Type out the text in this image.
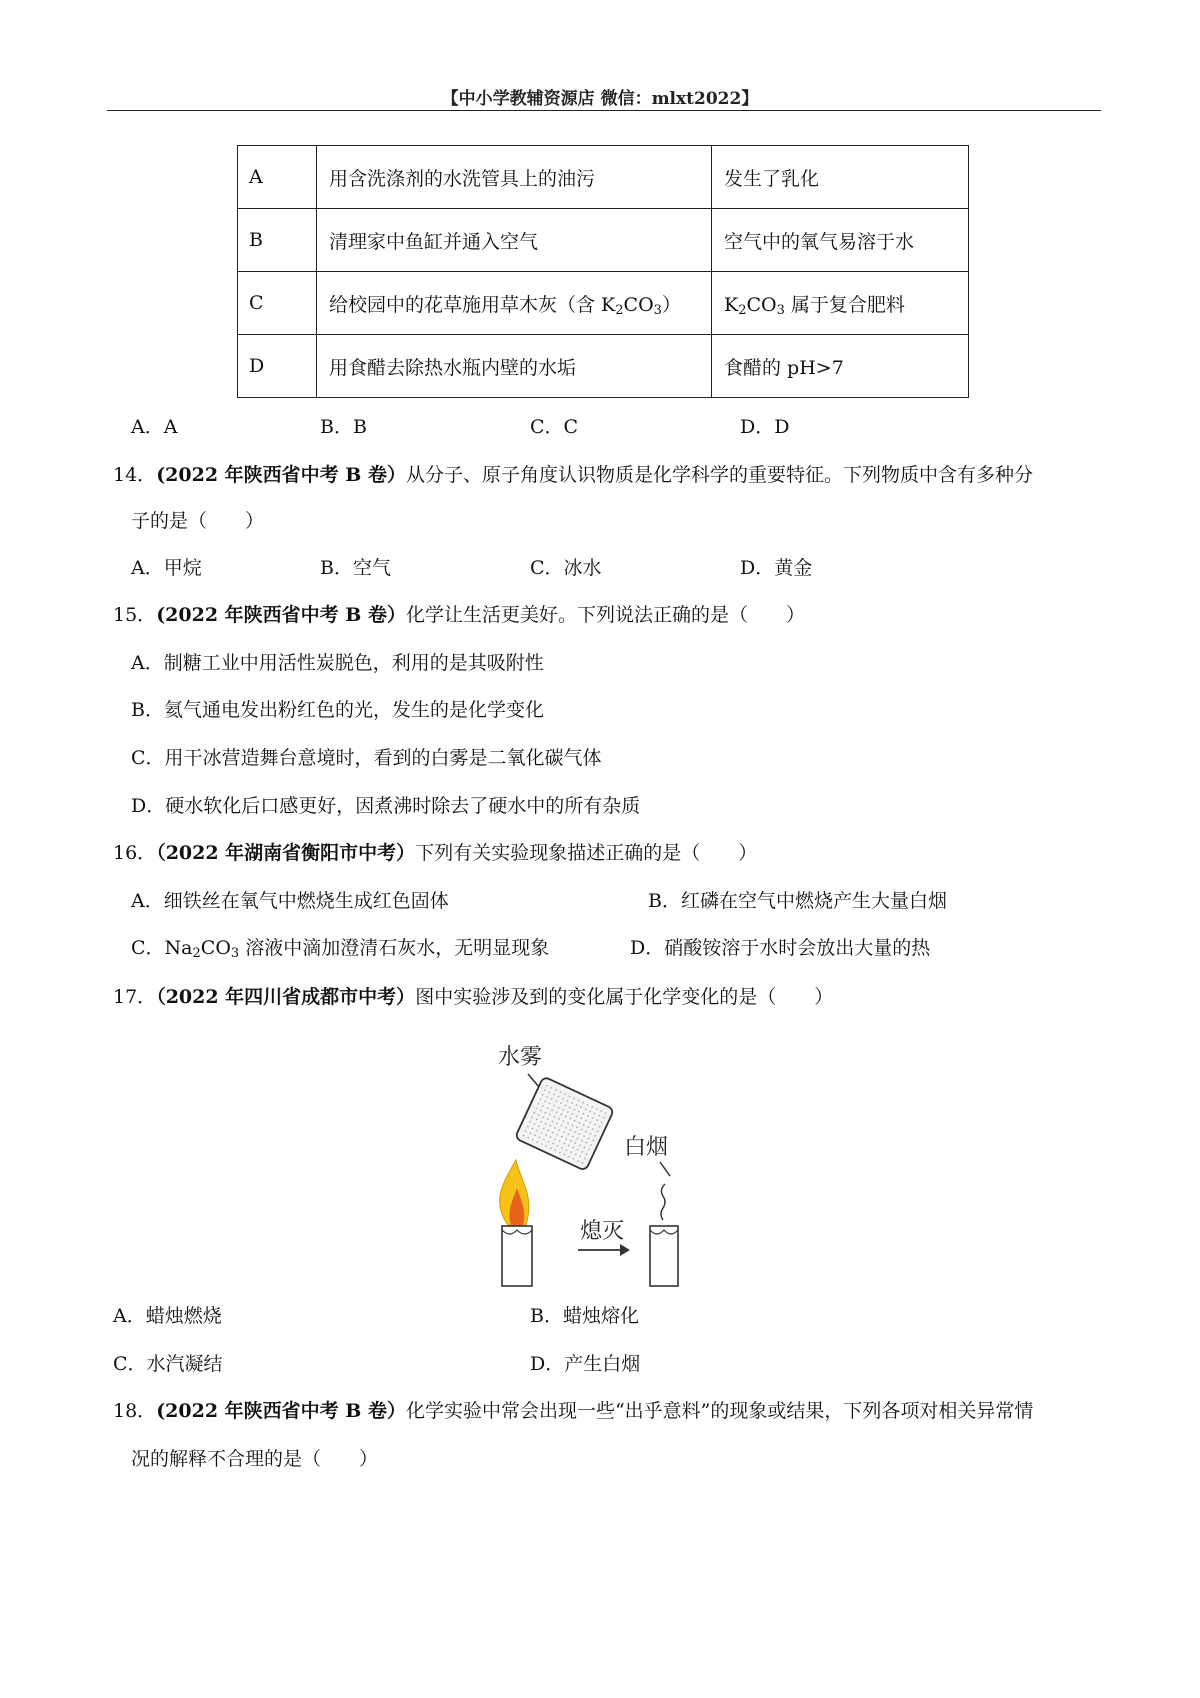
【中小学教辅资源店 微信：mlxt2022】
A	用含洗涤剂的水洗管具上的油污	发生了乳化
B	清理家中鱼缸并通入空气	空气中的氧气易溶于水
C	给校园中的花草施用草木灰（含 $K_2CO_3$）	$K_2CO_3$ 属于复合肥料
D	用食醋去除热水瓶内壁的水垢	食醋的 pH>7
A．A	B．B	C．C	D．D
14．(2022 年陕西省中考 B 卷）从分子、原子角度认识物质是化学科学的重要特征。下列物质中含有多种分
子的是（　　）
A．甲烷	B．空气	C．冰水	D．黄金
15．(2022 年陕西省中考 B 卷）化学让生活更美好。下列说法正确的是（　　）
A．制糖工业中用活性炭脱色，利用的是其吸附性
B．氦气通电发出粉红色的光，发生的是化学变化
C．用干冰营造舞台意境时，看到的白雾是二氧化碳气体
D．硬水软化后口感更好，因煮沸时除去了硬水中的所有杂质
16．（2022 年湖南省衡阳市中考）下列有关实验现象描述正确的是（　　）
A．细铁丝在氧气中燃烧生成红色固体	B．红磷在空气中燃烧产生大量白烟
C．$Na_2CO_3$ 溶液中滴加澄清石灰水，无明显现象	D．硝酸铵溶于水时会放出大量的热
17．（2022 年四川省成都市中考）图中实验涉及到的变化属于化学变化的是（　　）
水雾
熄灭
白烟
A．蜡烛燃烧	B．蜡烛熔化
C．水汽凝结	D．产生白烟
18．(2022 年陕西省中考 B 卷）化学实验中常会出现一些“出乎意料”的现象或结果，下列各项对相关异常情
况的解释不合理的是（　　）
